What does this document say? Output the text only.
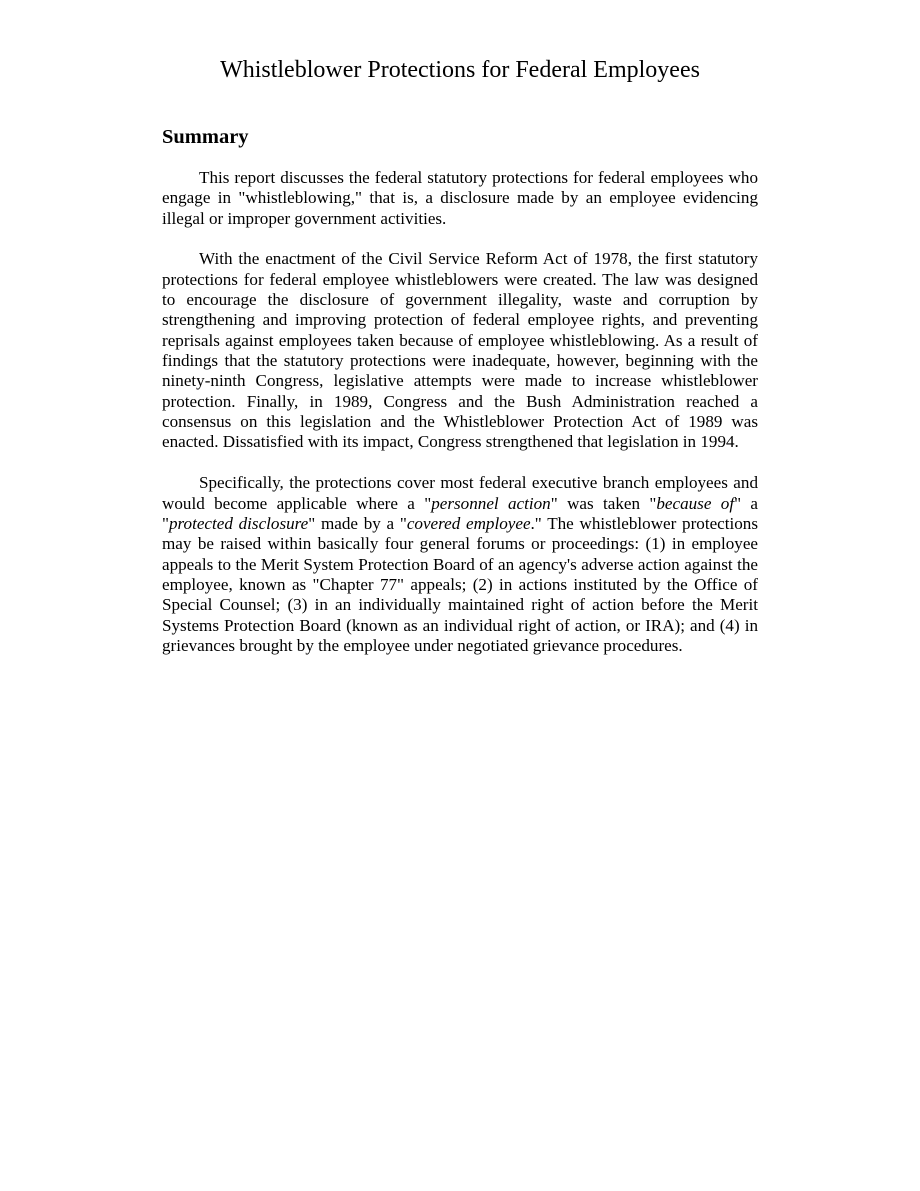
Whistleblower Protections for Federal Employees
Summary

This report discusses the federal statutory protections for federal employees who engage in "whistleblowing," that is, a disclosure made by an employee evidencing illegal or improper government activities.

With the enactment of the Civil Service Reform Act of 1978, the first statutory protections for federal employee whistleblowers were created. The law was designed to encourage the disclosure of government illegality, waste and corruption by strengthening and improving protection of federal employee rights, and preventing reprisals against employees taken because of employee whistleblowing. As a result of findings that the statutory protections were inadequate, however, beginning with the ninety-ninth Congress, legislative attempts were made to increase whistleblower protection. Finally, in 1989, Congress and the Bush Administration reached a consensus on this legislation and the Whistleblower Protection Act of 1989 was enacted. Dissatisfied with its impact, Congress strengthened that legislation in 1994.

Specifically, the protections cover most federal executive branch employees and would become applicable where a "personnel action" was taken "because of" a "protected disclosure" made by a "covered employee." The whistleblower protections may be raised within basically four general forums or proceedings: (1) in employee appeals to the Merit System Protection Board of an agency's adverse action against the employee, known as "Chapter 77" appeals; (2) in actions instituted by the Office of Special Counsel; (3) in an individually maintained right of action before the Merit Systems Protection Board (known as an individual right of action, or IRA); and (4) in grievances brought by the employee under negotiated grievance procedures.
